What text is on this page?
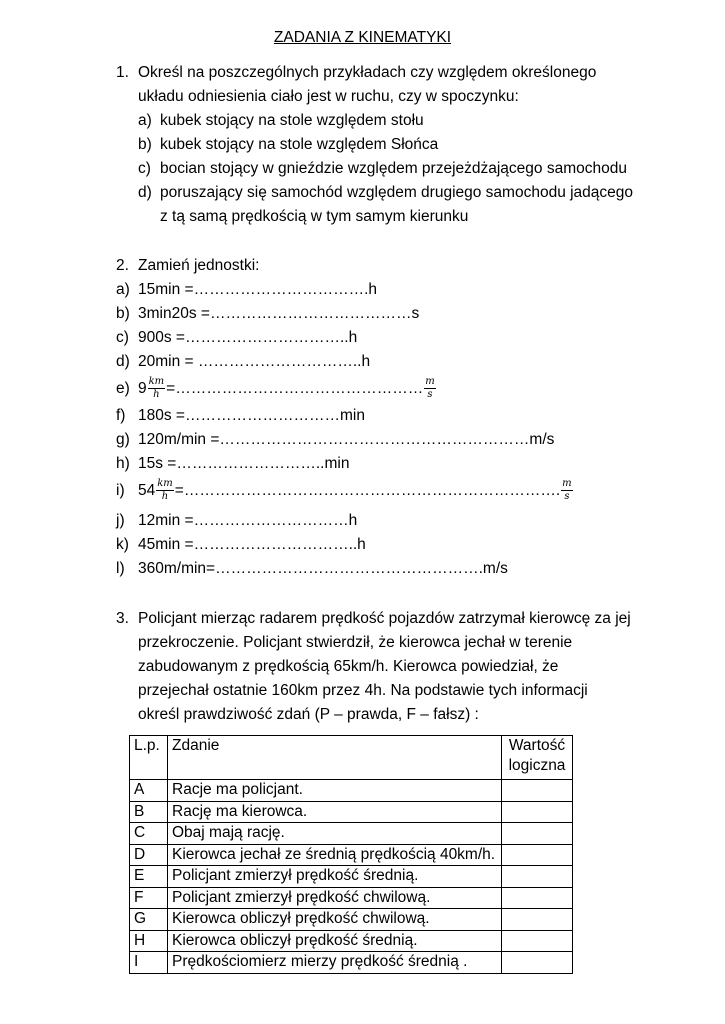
ZADANIA Z KINEMATYKI
1. Określ na poszczególnych przykładach czy względem określonego
układu odniesienia ciało jest w ruchu, czy w spoczynku:
a) kubek stojący na stole względem stołu
b) kubek stojący na stole względem Słońca
c) bocian stojący w gnieździe względem przejeżdżającego samochodu
d) poruszający się samochód względem drugiego samochodu jadącego
z tą samą prędkością w tym samym kierunku
2. Zamień jednostki:
a) 15min =…………………………….h
b) 3min20s =…………………………………s
c) 900s =…………………………..h
d) 20min = …………………………..h
e) $9 \frac{km}{h}$ =………………………………………… $\frac{m}{s}$
f) 180s =…………………………min
g) 120m/min =……………………………………………………m/s
h) 15s =………………………..min
i) $54 \frac{km}{h}$ =………………………………………………………………. $\frac{m}{s}$
j) 12min =…………………………h
k) 45min =…………………………..h
l) 360m/min=…………………………………………….m/s
3. Policjant mierząc radarem prędkość pojazdów zatrzymał kierowcę za jej
przekroczenie. Policjant stwierdził, że kierowca jechał w terenie
zabudowanym z prędkością 65km/h. Kierowca powiedział, że
przejechał ostatnie 160km przez 4h. Na podstawie tych informacji
określ prawdziwość zdań (P – prawda, F – fałsz) :
L.p.	Zdanie	Wartość logiczna
A	Racje ma policjant.	
B	Rację ma kierowca.	
C	Obaj mają rację.	
D	Kierowca jechał ze średnią prędkością 40km/h.	
E	Policjant zmierzył prędkość średnią.	
F	Policjant zmierzył prędkość chwilową.	
G	Kierowca obliczył prędkość chwilową.	
H	Kierowca obliczył prędkość średnią.	
I	Prędkościomierz mierzy prędkość średnią .	
